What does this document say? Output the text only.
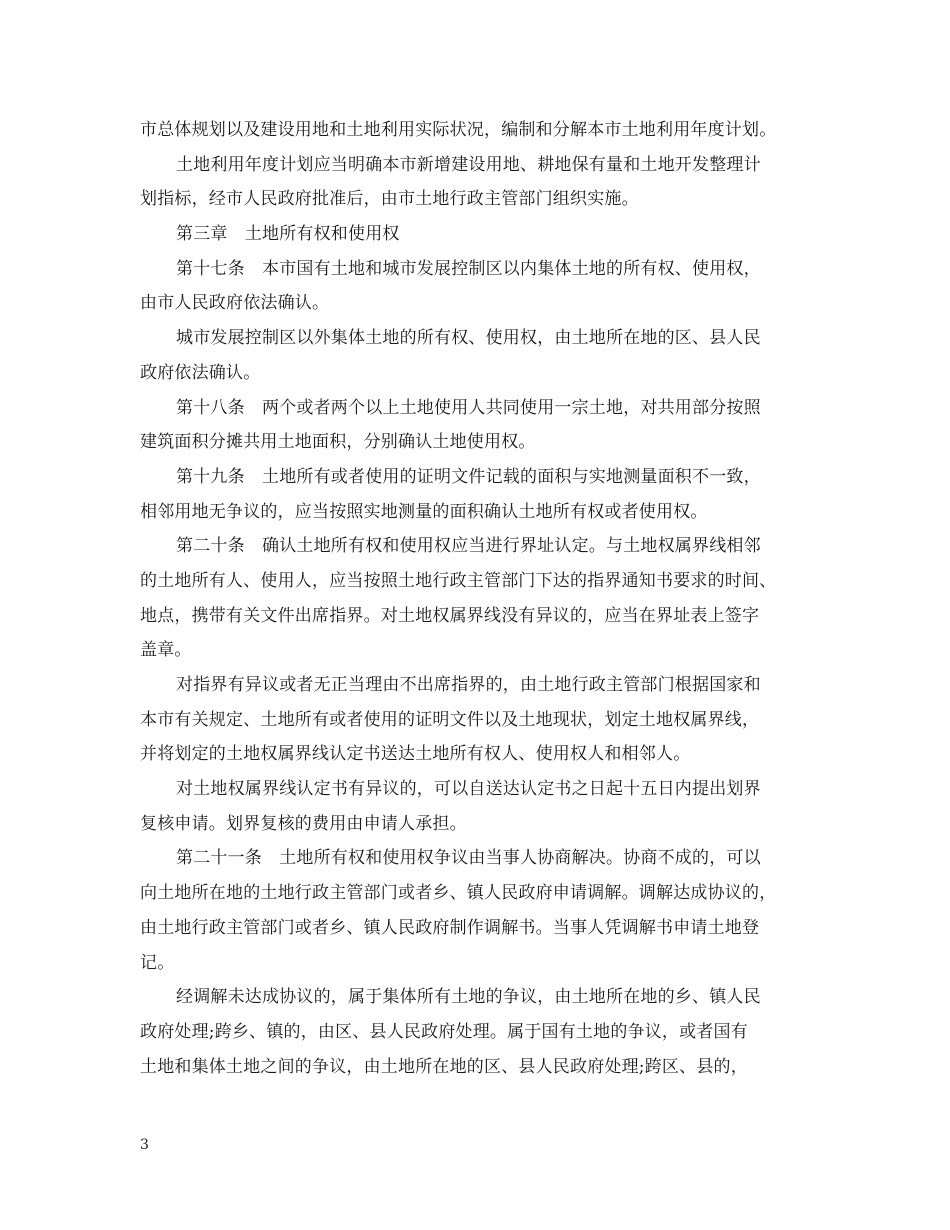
市总体规划以及建设用地和土地利用实际状况，编制和分解本市土地利用年度计划。
土地利用年度计划应当明确本市新增建设用地、耕地保有量和土地开发整理计
划指标，经市人民政府批准后，由市土地行政主管部门组织实施。
第三章　土地所有权和使用权
第十七条　本市国有土地和城市发展控制区以内集体土地的所有权、使用权，
由市人民政府依法确认。
城市发展控制区以外集体土地的所有权、使用权，由土地所在地的区、县人民
政府依法确认。
第十八条　两个或者两个以上土地使用人共同使用一宗土地，对共用部分按照
建筑面积分摊共用土地面积，分别确认土地使用权。
第十九条　土地所有或者使用的证明文件记载的面积与实地测量面积不一致，
相邻用地无争议的，应当按照实地测量的面积确认土地所有权或者使用权。
第二十条　确认土地所有权和使用权应当进行界址认定。与土地权属界线相邻
的土地所有人、使用人，应当按照土地行政主管部门下达的指界通知书要求的时间、
地点，携带有关文件出席指界。对土地权属界线没有异议的，应当在界址表上签字
盖章。
对指界有异议或者无正当理由不出席指界的，由土地行政主管部门根据国家和
本市有关规定、土地所有或者使用的证明文件以及土地现状，划定土地权属界线，
并将划定的土地权属界线认定书送达土地所有权人、使用权人和相邻人。
对土地权属界线认定书有异议的，可以自送达认定书之日起十五日内提出划界
复核申请。划界复核的费用由申请人承担。
第二十一条　土地所有权和使用权争议由当事人协商解决。协商不成的，可以
向土地所在地的土地行政主管部门或者乡、镇人民政府申请调解。调解达成协议的，
由土地行政主管部门或者乡、镇人民政府制作调解书。当事人凭调解书申请土地登
记。
经调解未达成协议的，属于集体所有土地的争议，由土地所在地的乡、镇人民
政府处理;跨乡、镇的，由区、县人民政府处理。属于国有土地的争议，或者国有
土地和集体土地之间的争议，由土地所在地的区、县人民政府处理;跨区、县的，
3
